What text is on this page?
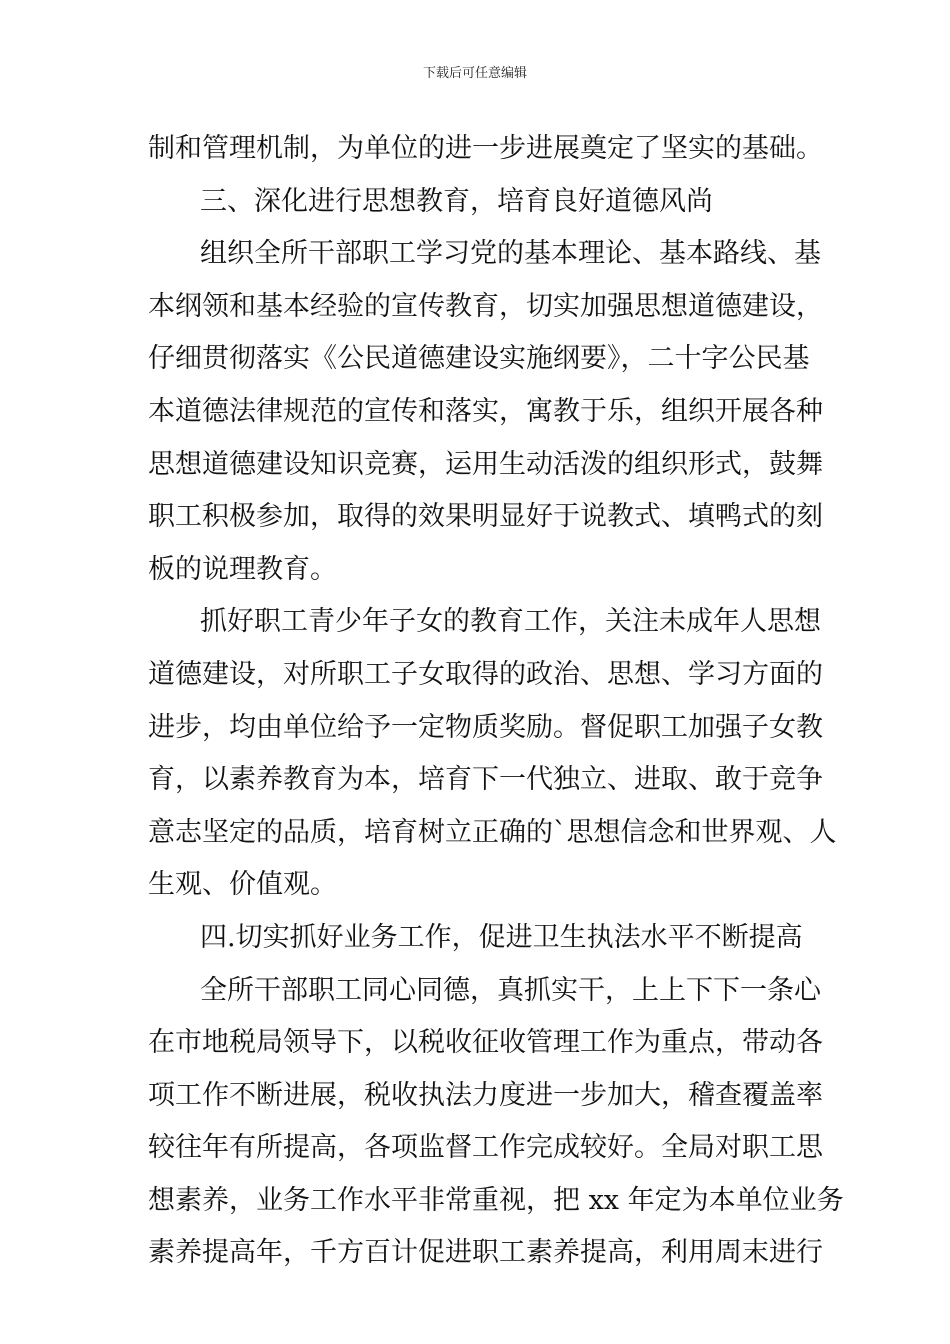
下载后可任意编辑
制和管理机制，为单位的进一步进展奠定了坚实的基础。
三、深化进行思想教育，培育良好道德风尚
组织全所干部职工学习党的基本理论、基本路线、基
本纲领和基本经验的宣传教育，切实加强思想道德建设，
仔细贯彻落实《公民道德建设实施纲要》，二十字公民基
本道德法律规范的宣传和落实，寓教于乐，组织开展各种
思想道德建设知识竞赛，运用生动活泼的组织形式，鼓舞
职工积极参加，取得的效果明显好于说教式、填鸭式的刻
板的说理教育。
抓好职工青少年子女的教育工作，关注未成年人思想
道德建设，对所职工子女取得的政治、思想、学习方面的
进步，均由单位给予一定物质奖励。督促职工加强子女教
育，以素养教育为本，培育下一代独立、进取、敢于竞争
意志坚定的品质，培育树立正确的`思想信念和世界观、人
生观、价值观。
四.切实抓好业务工作，促进卫生执法水平不断提高
全所干部职工同心同德，真抓实干，上上下下一条心
在市地税局领导下，以税收征收管理工作为重点，带动各
项工作不断进展，税收执法力度进一步加大，稽查覆盖率
较往年有所提高，各项监督工作完成较好。全局对职工思
想素养，业务工作水平非常重视，把 xx 年定为本单位业务
素养提高年，千方百计促进职工素养提高，利用周末进行
